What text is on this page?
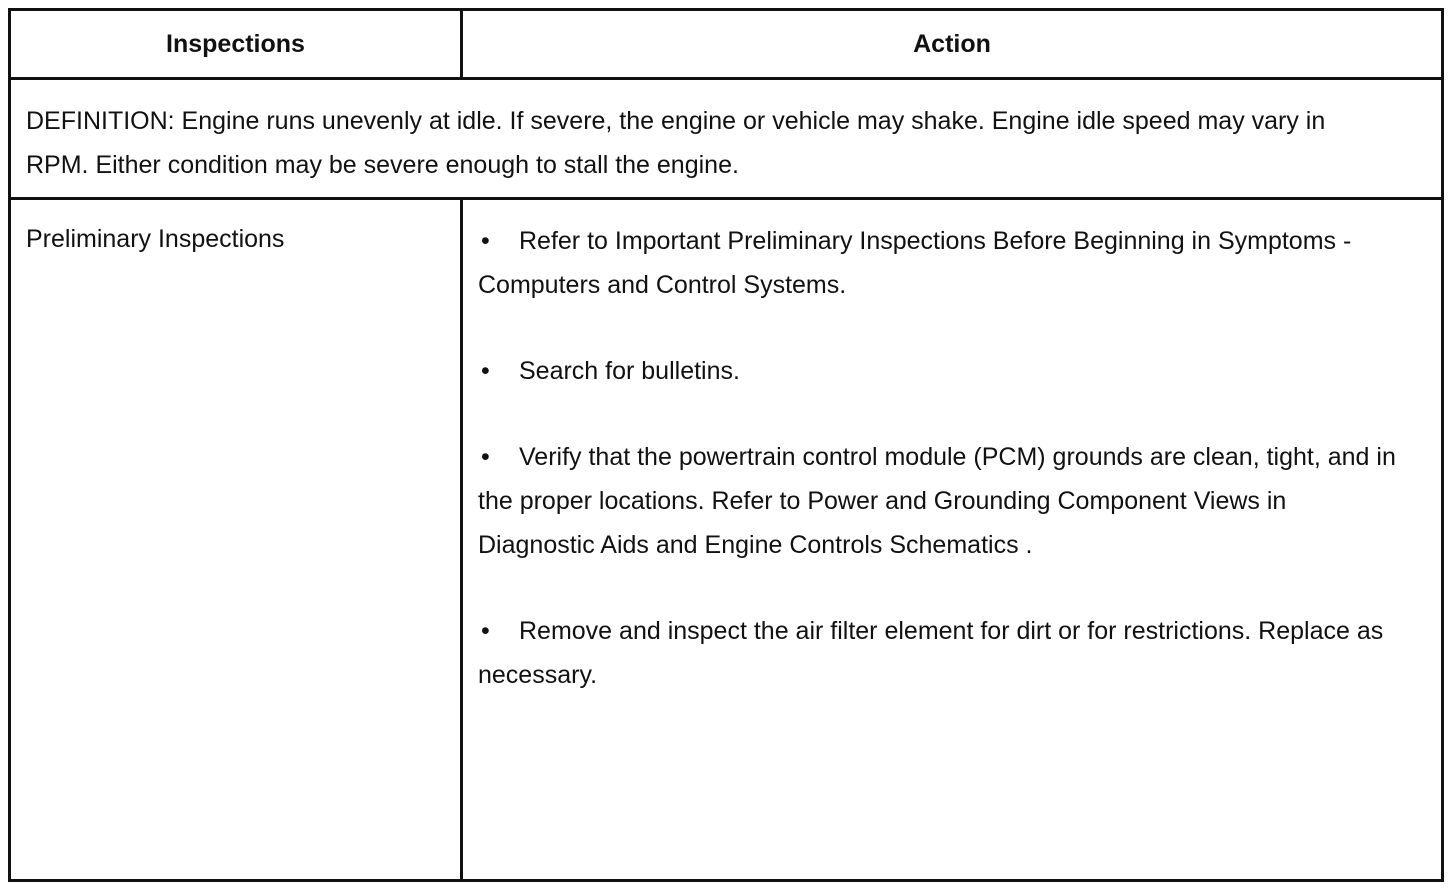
Inspections	Action
DEFINITION: Engine runs unevenly at idle. If severe, the engine or vehicle may shake. Engine idle speed may vary in RPM. Either condition may be severe enough to stall the engine.
Preliminary Inspections	• Refer to Important Preliminary Inspections Before Beginning in Symptoms - Computers and Control Systems.
• Search for bulletins.
• Verify that the powertrain control module (PCM) grounds are clean, tight, and in the proper locations. Refer to Power and Grounding Component Views in Diagnostic Aids and Engine Controls Schematics .
• Remove and inspect the air filter element for dirt or for restrictions. Replace as necessary.
